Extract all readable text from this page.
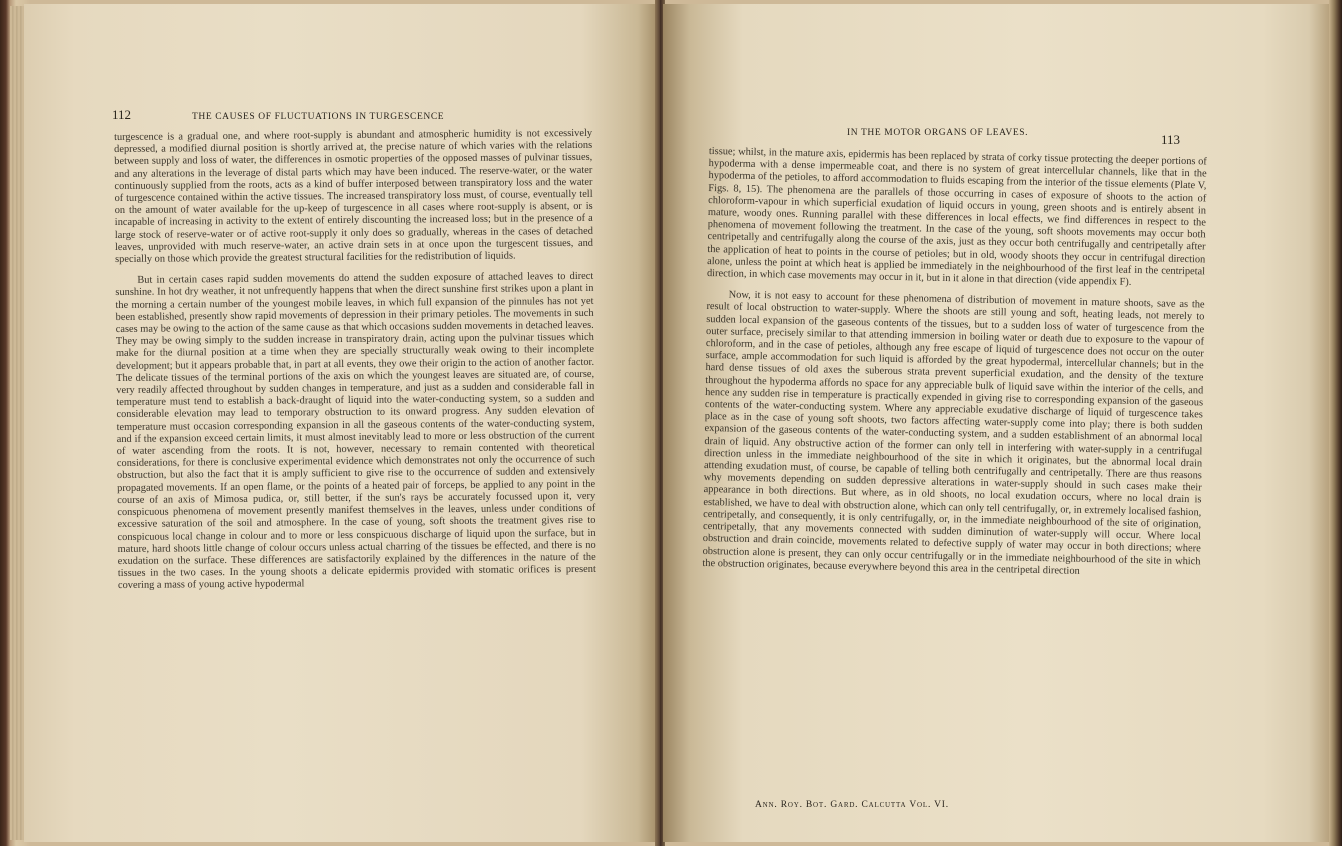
112	THE CAUSES OF FLUCTUATIONS IN TURGESCENCE

turgescence is a gradual one, and where root-supply is abundant and atmospheric humidity is not excessively depressed, a modified diurnal position is shortly arrived at, the precise nature of which varies with the relations between supply and loss of water, the differences in osmotic properties of the opposed masses of pulvinar tissues, and any alterations in the leverage of distal parts which may have been induced. The reserve-water, or the water continuously supplied from the roots, acts as a kind of buffer interposed between transpiratory loss and the water of turgescence contained within the active tissues. The increased transpiratory loss must, of course, eventually tell on the amount of water available for the up-keep of turgescence in all cases where root-supply is absent, or is incapable of increasing in activity to the extent of entirely discounting the increased loss; but in the presence of a large stock of reserve-water or of active root-supply it only does so gradually, whereas in the cases of detached leaves, unprovided with much reserve-water, an active drain sets in at once upon the turgescent tissues, and specially on those which provide the greatest structural facilities for the redistribution of liquids.

But in certain cases rapid sudden movements do attend the sudden exposure of attached leaves to direct sunshine. In hot dry weather, it not unfrequently happens that when the direct sunshine first strikes upon a plant in the morning a certain number of the youngest mobile leaves, in which full expansion of the pinnules has not yet been established, presently show rapid movements of depression in their primary petioles. The movements in such cases may be owing to the action of the same cause as that which occasions sudden movements in detached leaves. They may be owing simply to the sudden increase in transpiratory drain, acting upon the pulvinar tissues which make for the diurnal position at a time when they are specially structurally weak owing to their incomplete development; but it appears probable that, in part at all events, they owe their origin to the action of another factor. The delicate tissues of the terminal portions of the axis on which the youngest leaves are situated are, of course, very readily affected throughout by sudden changes in temperature, and just as a sudden and considerable fall in temperature must tend to establish a back-draught of liquid into the water-conducting system, so a sudden and considerable elevation may lead to temporary obstruction to its onward progress. Any sudden elevation of temperature must occasion corresponding expansion in all the gaseous contents of the water-conducting system, and if the expansion exceed certain limits, it must almost inevitably lead to more or less obstruction of the current of water ascending from the roots. It is not, however, necessary to remain contented with theoretical considerations, for there is conclusive experimental evidence which demonstrates not only the occurrence of such obstruction, but also the fact that it is amply sufficient to give rise to the occurrence of sudden and extensively propagated movements. If an open flame, or the points of a heated pair of forceps, be applied to any point in the course of an axis of Mimosa pudica, or, still better, if the sun's rays be accurately focussed upon it, very conspicuous phenomena of movement presently manifest themselves in the leaves, unless under conditions of excessive saturation of the soil and atmosphere. In the case of young, soft shoots the treatment gives rise to conspicuous local change in colour and to more or less conspicuous discharge of liquid upon the surface, but in mature, hard shoots little change of colour occurs unless actual charring of the tissues be effected, and there is no exudation on the surface. These differences are satisfactorily explained by the differences in the nature of the tissues in the two cases. In the young shoots a delicate epidermis provided with stomatic orifices is present covering a mass of young active hypodermal

IN THE MOTOR ORGANS OF LEAVES.	113

tissue; whilst, in the mature axis, epidermis has been replaced by strata of corky tissue protecting the deeper portions of hypoderma with a dense impermeable coat, and there is no system of great intercellular channels, like that in the hypoderma of the petioles, to afford accommodation to fluids escaping from the interior of the tissue elements (Plate V, Figs. 8, 15). The phenomena are the parallels of those occurring in cases of exposure of shoots to the action of chloroform-vapour in which superficial exudation of liquid occurs in young, green shoots and is entirely absent in mature, woody ones. Running parallel with these differences in local effects, we find differences in respect to the phenomena of movement following the treatment. In the case of the young, soft shoots movements may occur both centripetally and centrifugally along the course of the axis, just as they occur both centrifugally and centripetally after the application of heat to points in the course of petioles; but in old, woody shoots they occur in centrifugal direction alone, unless the point at which heat is applied be immediately in the neighbourhood of the first leaf in the centripetal direction, in which case movements may occur in it, but in it alone in that direction (vide appendix F).

Now, it is not easy to account for these phenomena of distribution of movement in mature shoots, save as the result of local obstruction to water-supply. Where the shoots are still young and soft, heating leads, not merely to sudden local expansion of the gaseous contents of the tissues, but to a sudden loss of water of turgescence from the outer surface, precisely similar to that attending immersion in boiling water or death due to exposure to the vapour of chloroform, and in the case of petioles, although any free escape of liquid of turgescence does not occur on the outer surface, ample accommodation for such liquid is afforded by the great hypodermal, intercellular channels; but in the hard dense tissues of old axes the suberous strata prevent superficial exudation, and the density of the texture throughout the hypoderma affords no space for any appreciable bulk of liquid save within the interior of the cells, and hence any sudden rise in temperature is practically expended in giving rise to corresponding expansion of the gaseous contents of the water-conducting system. Where any appreciable exudative discharge of liquid of turgescence takes place as in the case of young soft shoots, two factors affecting water-supply come into play; there is both sudden expansion of the gaseous contents of the water-conducting system, and a sudden establishment of an abnormal local drain of liquid. Any obstructive action of the former can only tell in interfering with water-supply in a centrifugal direction unless in the immediate neighbourhood of the site in which it originates, but the abnormal local drain attending exudation must, of course, be capable of telling both centrifugally and centripetally. There are thus reasons why movements depending on sudden depressive alterations in water-supply should in such cases make their appearance in both directions. But where, as in old shoots, no local exudation occurs, where no local drain is established, we have to deal with obstruction alone, which can only tell centrifugally, or, in extremely localised fashion, centripetally, and consequently, it is only centrifugally, or, in the immediate neighbourhood of the site of origination, centripetally, that any movements connected with sudden diminution of water-supply will occur. Where local obstruction and drain coincide, movements related to defective supply of water may occur in both directions; where obstruction alone is present, they can only occur centrifugally or in the immediate neighbourhood of the site in which the obstruction originates, because everywhere beyond this area in the centripetal direction

Ann. Roy. Bot. Gard. Calcutta Vol. VI.
